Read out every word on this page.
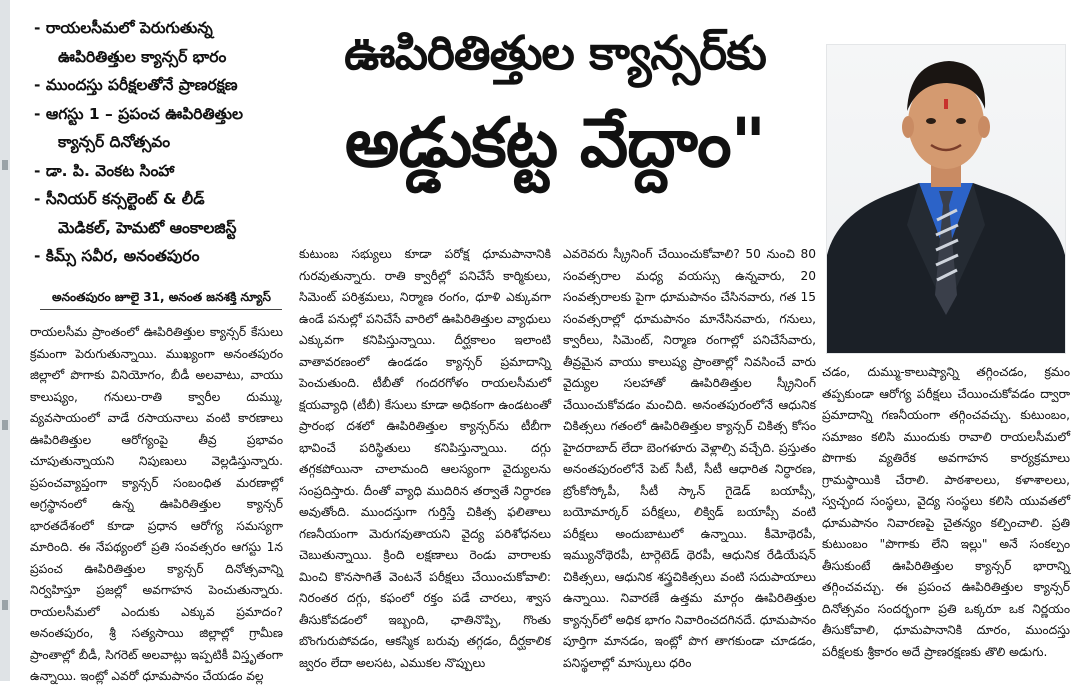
- రాయలసీమలో పెరుగుతున్న
ఊపిరితిత్తుల క్యాన్సర్ భారం
- ముందస్తు పరీక్షలతోనే ప్రాణరక్షణ
- ఆగస్టు 1 – ప్రపంచ ఊపిరితిత్తుల
క్యాన్సర్ దినోత్సవం
- డా. పి. వెంకట సింహా
- సీనియర్ కన్సల్టెంట్ & లీడ్
మెడికల్, హెమటో ఆంకాలజిస్ట్
- కిమ్స్ సవీర, అనంతపురం
అనంతపురం జూలై 31, అనంత జనశక్తి న్యూస్
ఊపిరితిత్తుల క్యాన్సర్‌కు
అడ్డుకట్ట వేద్దాం"

రాయలసీమ ప్రాంతంలో ఊపిరితిత్తుల క్యాన్సర్ కేసులు క్రమంగా పెరుగుతున్నాయి. ముఖ్యంగా అనంతపురం జిల్లాలో పొగాకు వినియోగం, బీడీ అలవాటు, వాయు కాలుష్యం, గనులు-రాతి క్వారీల దుమ్ము, వ్యవసాయంలో వాడే రసాయనాలు వంటి కారణాలు ఊపిరితిత్తుల ఆరోగ్యంపై తీవ్ర ప్రభావం చూపుతున్నాయని నిపుణులు వెల్లడిస్తున్నారు. ప్రపంచవ్యాప్తంగా క్యాన్సర్ సంబంధిత మరణాల్లో అగ్రస్థానంలో ఉన్న ఊపిరితిత్తుల క్యాన్సర్ భారతదేశంలో కూడా ప్రధాన ఆరోగ్య సమస్యగా మారింది. ఈ నేపథ్యంలో ప్రతి సంవత్సరం ఆగస్టు 1న ప్రపంచ ఊపిరితిత్తుల క్యాన్సర్ దినోత్సవాన్ని నిర్వహిస్తూ ప్రజల్లో అవగాహన పెంచుతున్నారు. రాయలసీమలో ఎందుకు ఎక్కువ ప్రమాదం? అనంతపురం, శ్రీ సత్యసాయి జిల్లాల్లో గ్రామీణ ప్రాంతాల్లో బీడీ, సిగరెట్ అలవాట్లు ఇప్పటికీ విస్తృతంగా ఉన్నాయి. ఇంట్లో ఎవరో ధూమపానం చేయడం వల్ల

కుటుంబ సభ్యులు కూడా పరోక్ష ధూమపానానికి గురవుతున్నారు. రాతి క్వారీల్లో పనిచేసే కార్మికులు, సిమెంట్ పరిశ్రమలు, నిర్మాణ రంగం, ధూళి ఎక్కువగా ఉండే పనుల్లో పనిచేసే వారిలో ఊపిరితిత్తుల వ్యాధులు ఎక్కువగా కనిపిస్తున్నాయి. దీర్ఘకాలం ఇలాంటి వాతావరణంలో ఉండడం క్యాన్సర్ ప్రమాదాన్ని పెంచుతుంది. టీబీతో గందరగోళం రాయలసీమలో క్షయవ్యాధి (టీబీ) కేసులు కూడా అధికంగా ఉండటంతో ప్రారంభ దశలో ఊపిరితిత్తుల క్యాన్సర్‌ను టీబీగా భావించే పరిస్థితులు కనిపిస్తున్నాయి. దగ్గు తగ్గకపోయినా చాలామంది ఆలస్యంగా వైద్యులను సంప్రదిస్తారు. దీంతో వ్యాధి ముదిరిన తర్వాతే నిర్ధారణ అవుతోంది. ముందస్తుగా గుర్తిస్తే చికిత్స ఫలితాలు గణనీయంగా మెరుగవుతాయని వైద్య పరిశోధనలు చెబుతున్నాయి. క్రింది లక్షణాలు రెండు వారాలకు మించి కొనసాగితే వెంటనే పరీక్షలు చేయించుకోవాలి: నిరంతర దగ్గు, కఫంలో రక్తం పడే చారలు, శ్వాస తీసుకోవడంలో ఇబ్బంది, ఛాతినొప్పి, గొంతు బొంగురుపోవడం, ఆకస్మిక బరువు తగ్గడం, దీర్ఘకాలిక జ్వరం లేదా అలసట, ఎముకల నొప్పులు

ఎవరెవరు స్క్రీనింగ్ చేయించుకోవాలి? 50 నుంచి 80 సంవత్సరాల మధ్య వయస్సు ఉన్నవారు, 20 సంవత్సరాలకు పైగా ధూమపానం చేసినవారు, గత 15 సంవత్సరాల్లో ధూమపానం మానేసినవారు, గనులు, క్వారీలు, సిమెంట్, నిర్మాణ రంగాల్లో పనిచేసేవారు, తీవ్రమైన వాయు కాలుష్య ప్రాంతాల్లో నివసించే వారు వైద్యుల సలహాతో ఊపిరితిత్తుల స్క్రీనింగ్ చేయించుకోవడం మంచిది. అనంతపురంలోనే ఆధునిక చికిత్సలు గతంలో ఊపిరితిత్తుల క్యాన్సర్ చికిత్స కోసం హైదరాబాద్ లేదా బెంగళూరు వెళ్లాల్సి వచ్చేది. ప్రస్తుతం అనంతపురంలోనే పెట్ సీటీ, సీటీ ఆధారిత నిర్ధారణ, బ్రోంకోస్కోపీ, సీటీ స్కాన్ గైడెడ్ బయాప్సీ, బయోమార్కర్ పరీక్షలు, లిక్విడ్ బయాప్సీ వంటి పరీక్షలు అందుబాటులో ఉన్నాయి. కీమోథెరపీ, ఇమ్యునోథెరపీ, టార్గెటెడ్ థెరపీ, ఆధునిక రేడియేషన్ చికిత్సలు, ఆధునిక శస్త్రచికిత్సలు వంటి సదుపాయాలు ఉన్నాయి. నివారణే ఉత్తమ మార్గం ఊపిరితిత్తుల క్యాన్సర్‌లో అధిక భాగం నివారించదగినదే. ధూమపానం పూర్తిగా మానడం, ఇంట్లో పొగ తాగకుండా చూడడం, పనిస్థలాల్లో మాస్కులు ధరిం

చడం, దుమ్ము-కాలుష్యాన్ని తగ్గించడం, క్రమం తప్పకుండా ఆరోగ్య పరీక్షలు చేయించుకోవడం ద్వారా ప్రమాదాన్ని గణనీయంగా తగ్గించవచ్చు. కుటుంబం, సమాజం కలిసి ముందుకు రావాలి రాయలసీమలో పొగాకు వ్యతిరేక అవగాహన కార్యక్రమాలు గ్రామస్థాయికి చేరాలి. పాఠశాలలు, కళాశాలలు, స్వచ్ఛంద సంస్థలు, వైద్య సంస్థలు కలిసి యువతలో ధూమపానం నివారణపై చైతన్యం కల్పించాలి. ప్రతి కుటుంబం "పొగాకు లేని ఇల్లు" అనే సంకల్పం తీసుకుంటే ఊపిరితిత్తుల క్యాన్సర్ భారాన్ని తగ్గించవచ్చు. ఈ ప్రపంచ ఊపిరితిత్తుల క్యాన్సర్ దినోత్సవం సందర్భంగా ప్రతి ఒక్కరూ ఒక నిర్ణయం తీసుకోవాలి, ధూమపానానికి దూరం, ముందస్తు పరీక్షలకు శ్రీకారం అదే ప్రాణరక్షణకు తొలి అడుగు.
